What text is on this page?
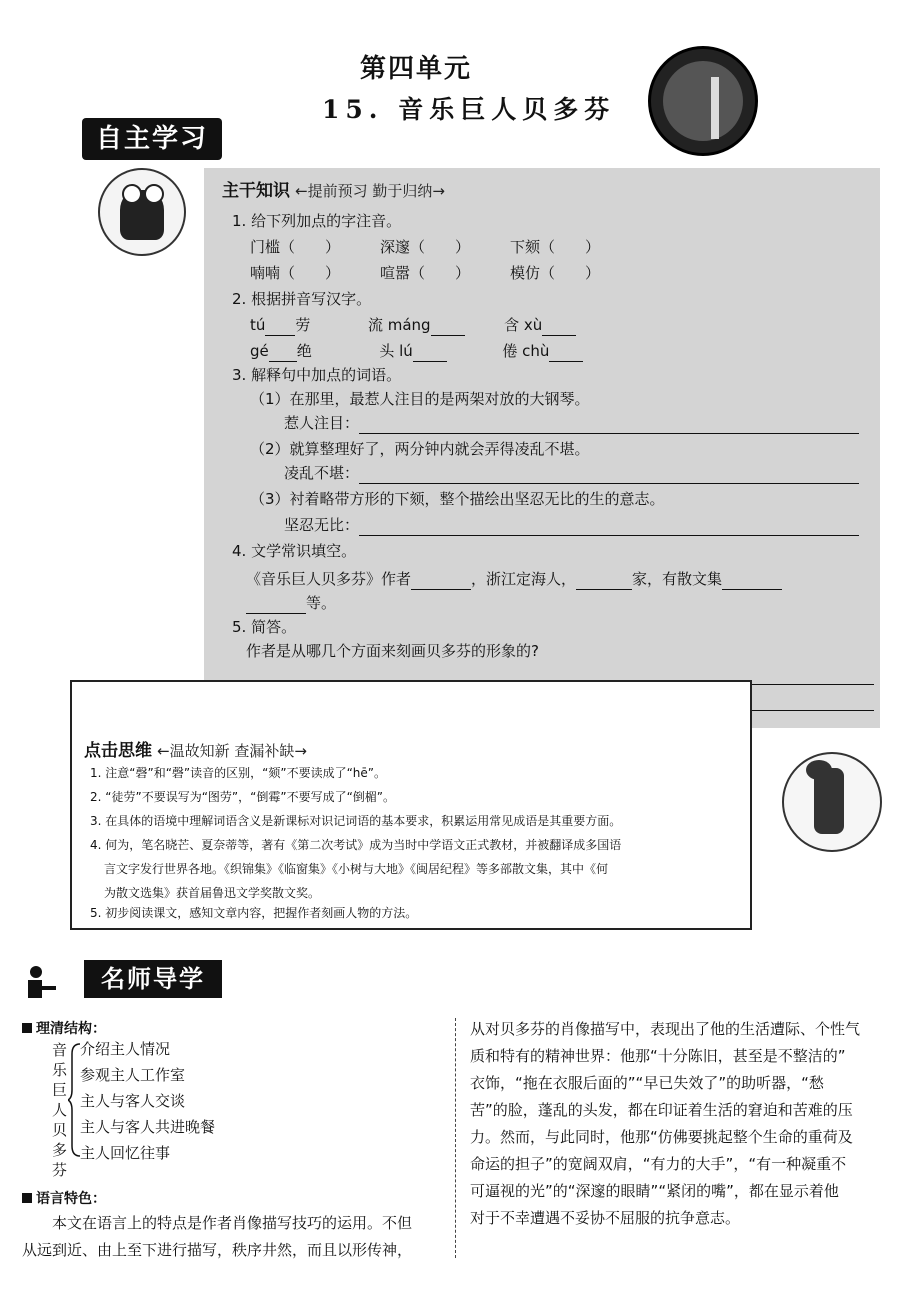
第四单元
15. 音乐巨人贝多芬
自主学习
主干知识 ←提前预习 勤于归纳→
1. 给下列加点的字注音。
门槛（　　）	深邃（　　）	下颏（　　）
喃喃（　　）	喧嚣（　　）	模仿（　　）
2. 根据拼音写汉字。
tú 劳	流 máng	含 xù
gé 绝	头 lú	倦 chù
3. 解释句中加点的词语。
（1）在那里，最惹人注目的是两架对放的大钢琴。
惹人注目：
（2）就算整理好了，两分钟内就会弄得凌乱不堪。
凌乱不堪：
（3）衬着略带方形的下颏，整个描绘出坚忍无比的生的意志。
坚忍无比：
4. 文学常识填空。
《音乐巨人贝多芬》作者	，浙江定海人，	家，有散文集
等。
5. 简答。
作者是从哪几个方面来刻画贝多芬的形象的?
点击思维 ←温故知新 查漏补缺→
1. 注意“磬”和“磬”读音的区别，“颏”不要读成了“hē”。
2. “徒劳”不要误写为“图劳”，“倒霉”不要写成了“倒楣”。
3. 在具体的语境中理解词语含义是新课标对识记词语的基本要求，积累运用常见成语是其重要方面。
4. 何为，笔名晓芒、夏奈蒂等，著有《第二次考试》成为当时中学语文正式教材，并被翻译成多国语
言文字发行世界各地。《织锦集》《临窗集》《小树与大地》《闽居纪程》等多部散文集，其中《何
为散文选集》获首届鲁迅文学奖散文奖。
5. 初步阅读课文，感知文章内容，把握作者刻画人物的方法。
名师导学
理清结构：
音
乐
巨
人
贝
多
芬
介绍主人情况
参观主人工作室
主人与客人交谈
主人与客人共进晚餐
主人回忆往事
语言特色：
本文在语言上的特点是作者肖像描写技巧的运用。不但
从远到近、由上至下进行描写，秩序井然，而且以形传神，
从对贝多芬的肖像描写中，表现出了他的生活遭际、个性气
质和特有的精神世界：他那“十分陈旧，甚至是不整洁的”
衣饰，“拖在衣服后面的”“早已失效了”的助听器，“愁
苦”的脸，蓬乱的头发，都在印证着生活的窘迫和苦难的压
力。然而，与此同时，他那“仿佛要挑起整个生命的重荷及
命运的担子”的宽阔双肩，“有力的大手”，“有一种凝重不
可逼视的光”的“深邃的眼睛”“紧闭的嘴”，都在显示着他
对于不幸遭遇不妥协不屈服的抗争意志。
